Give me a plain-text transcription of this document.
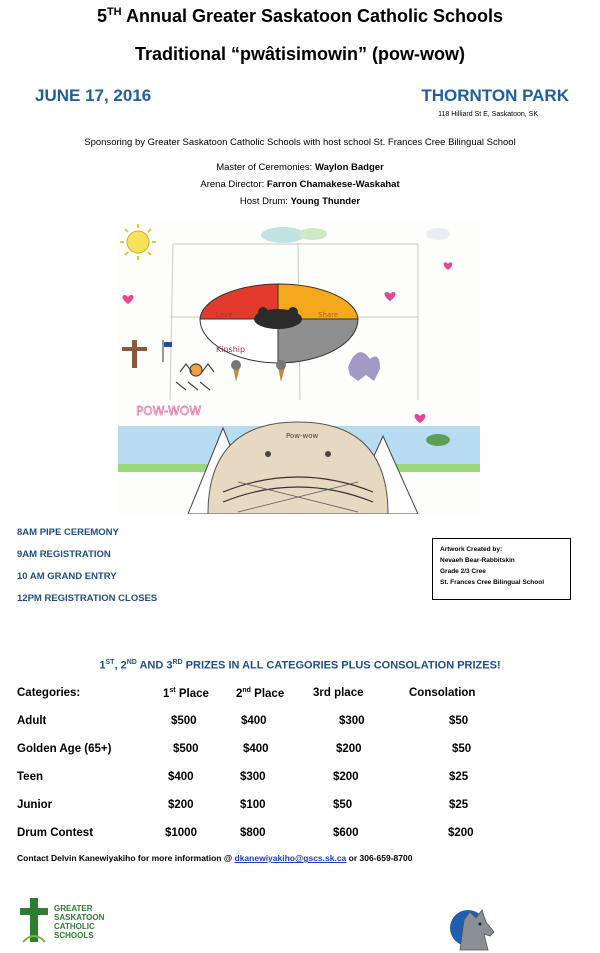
5TH Annual Greater Saskatoon Catholic Schools
Traditional “pwâtisimowin” (pow-wow)
JUNE 17, 2016	THORNTON PARK
118 Hilliard St E, Saskatoon, SK
Sponsoring by Greater Saskatoon Catholic Schools with host school St. Frances Cree Bilingual School
Master of Ceremonies: Waylon Badger
Arena Director: Farron Chamakese-Waskahat
Host Drum: Young Thunder
Love	Share
Kinship
POW-WOW
Pow-wow
8AM PIPE CEREMONY
9AM REGISTRATION
10 AM GRAND ENTRY
12PM REGISTRATION CLOSES
Artwork Created by:
Nevaeh Bear-Rabbitskin
Grade 2/3 Cree
St. Frances Cree Bilingual School
1ST, 2ND AND 3RD PRIZES IN ALL CATEGORIES PLUS CONSOLATION PRIZES!
Categories:	1st Place 2nd Place	3rd place	Consolation
Adult	$500	$400	$300	$50
Golden Age (65+)	$500	$400	$200	$50
Teen	$400	$300	$200	$25
Junior	$200	$100	$50	$25
Drum Contest	$1000	$800	$600	$200
Contact Delvin Kanewiyakiho for more information @ dkanewiyakiho@gscs.sk.ca or 306-659-8700
GREATER
SASKATOON
CATHOLIC
SCHOOLS
